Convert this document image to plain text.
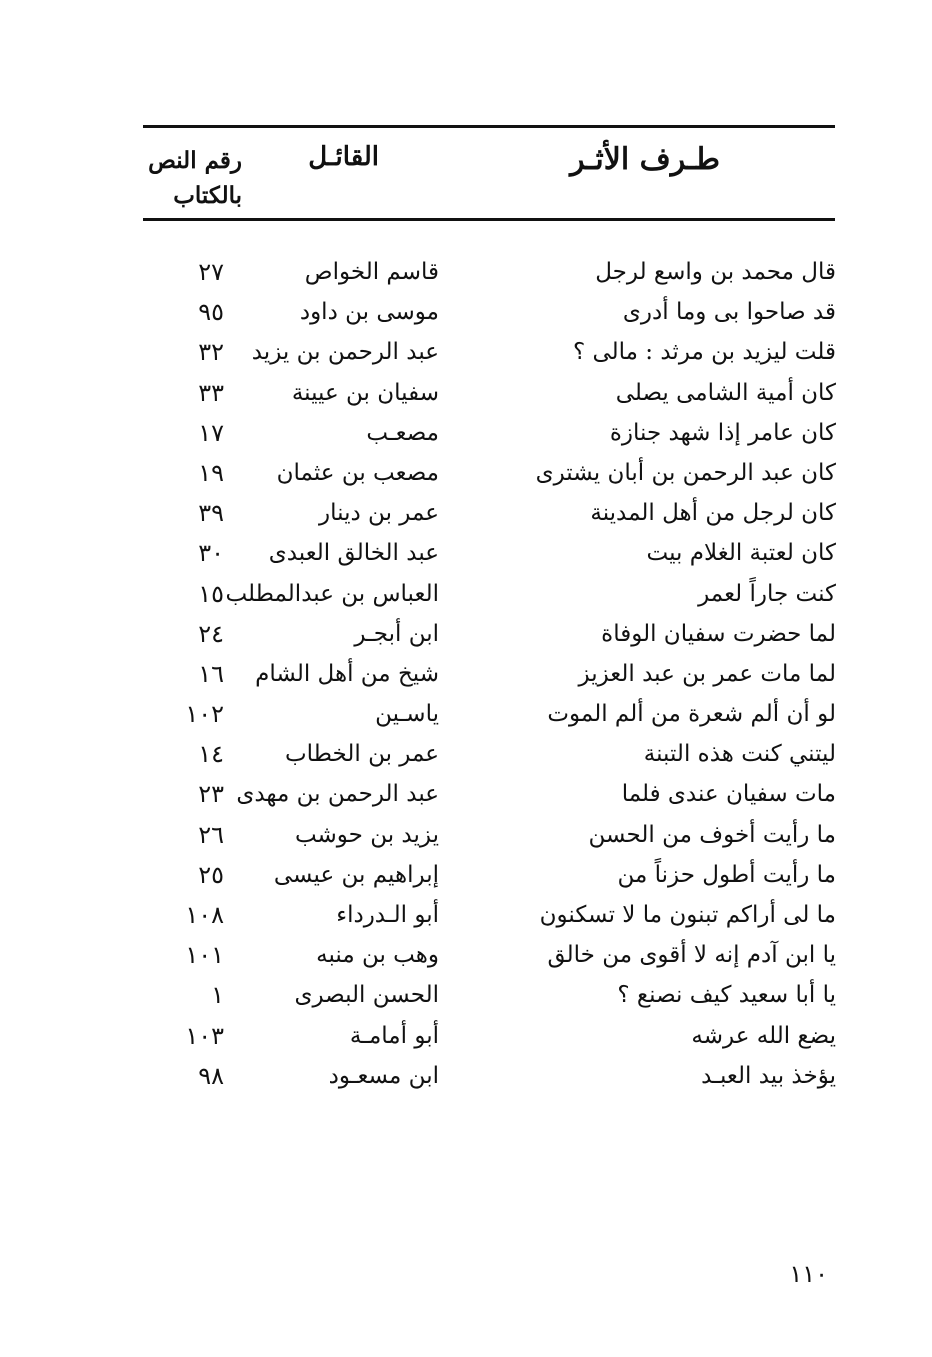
طـرف الأثـر
القائـل
رقم النص
بالكتاب
قال محمد بن واسع لرجل
قاسم الخواص
٢٧
قد صاحوا بى وما أدرى
موسى بن داود
٩٥
قلت ليزيد بن مرثد : مالى ؟
عبد الرحمن بن يزيد
٣٢
كان أمية الشامى يصلى
سفيان بن عيينة
٣٣
كان عامر إذا شهد جنازة
مصعـب
١٧
كان عبد الرحمن بن أبان يشترى
مصعب بن عثمان
١٩
كان لرجل من أهل المدينة
عمر بن دينار
٣٩
كان لعتبة الغلام بيت
عبد الخالق العبدى
٣٠
كنت جاراً لعمر
العباس بن عبدالمطلب
١٥
لما حضرت سفيان الوفاة
ابن أبجـر
٢٤
لما مات عمر بن عبد العزيز
شيخ من أهل الشام
١٦
لو أن ألم شعرة من ألم الموت
ياسـين
١٠٢
ليتني كنت هذه التبنة
عمر بن الخطاب
١٤
مات سفيان عندى فلما
عبد الرحمن بن مهدى
٢٣
ما رأيت أخوف من الحسن
يزيد بن حوشب
٢٦
ما رأيت أطول حزناً من
إبراهيم بن عيسى
٢٥
ما لى أراكم تبنون ما لا تسكنون
أبو الـدرداء
١٠٨
يا ابن آدم إنه لا أقوى من خالق
وهب بن منبه
١٠١
يا أبا سعيد كيف نصنع ؟
الحسن البصرى
١
يضع الله عرشه
أبو أمامـة
١٠٣
يؤخذ بيد العبـد
ابن مسعـود
٩٨
١١٠
